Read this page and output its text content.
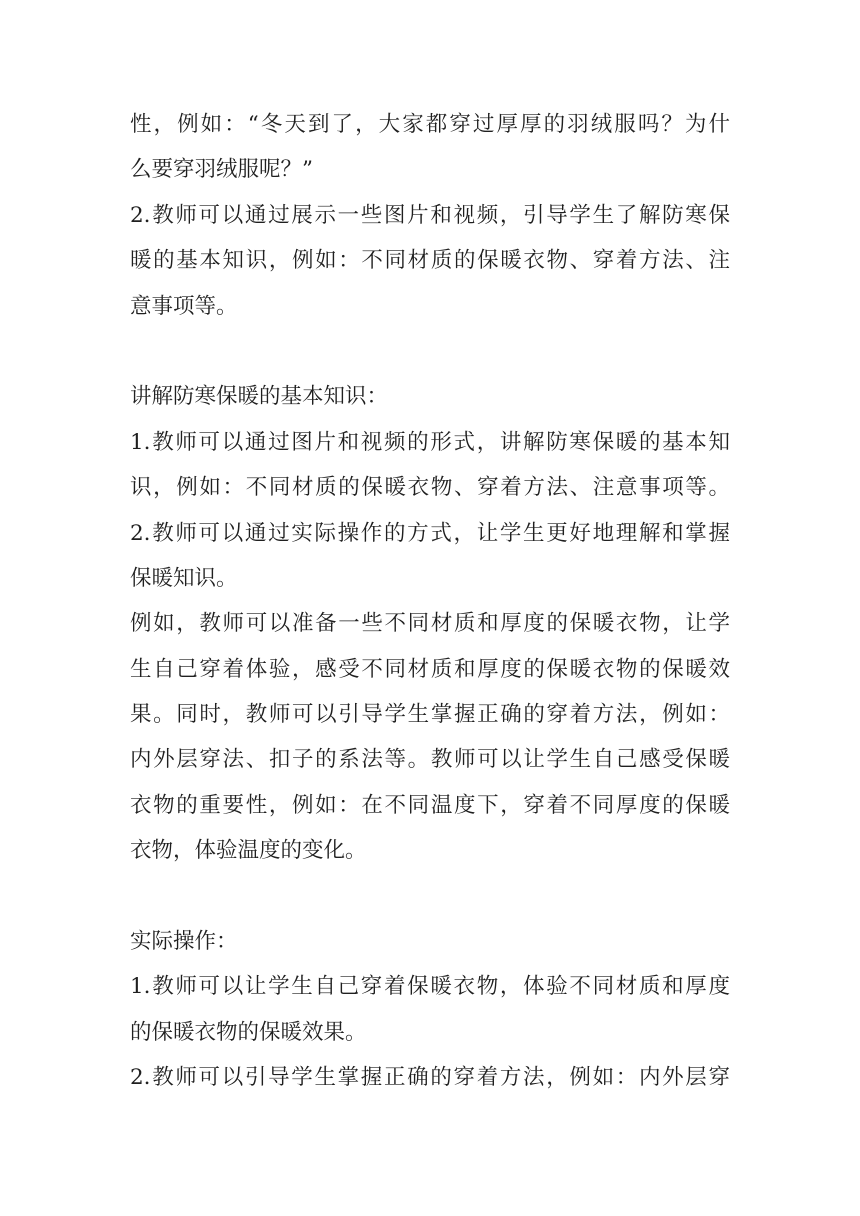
性，例如：“冬天到了，大家都穿过厚厚的羽绒服吗？为什
么要穿羽绒服呢？”
2.教师可以通过展示一些图片和视频，引导学生了解防寒保
暖的基本知识，例如：不同材质的保暖衣物、穿着方法、注
意事项等。
讲解防寒保暖的基本知识：
1.教师可以通过图片和视频的形式，讲解防寒保暖的基本知
识，例如：不同材质的保暖衣物、穿着方法、注意事项等。
2.教师可以通过实际操作的方式，让学生更好地理解和掌握
保暖知识。
例如，教师可以准备一些不同材质和厚度的保暖衣物，让学
生自己穿着体验，感受不同材质和厚度的保暖衣物的保暖效
果。同时，教师可以引导学生掌握正确的穿着方法，例如：
内外层穿法、扣子的系法等。教师可以让学生自己感受保暖
衣物的重要性，例如：在不同温度下，穿着不同厚度的保暖
衣物，体验温度的变化。
实际操作：
1.教师可以让学生自己穿着保暖衣物，体验不同材质和厚度
的保暖衣物的保暖效果。
2.教师可以引导学生掌握正确的穿着方法，例如：内外层穿
